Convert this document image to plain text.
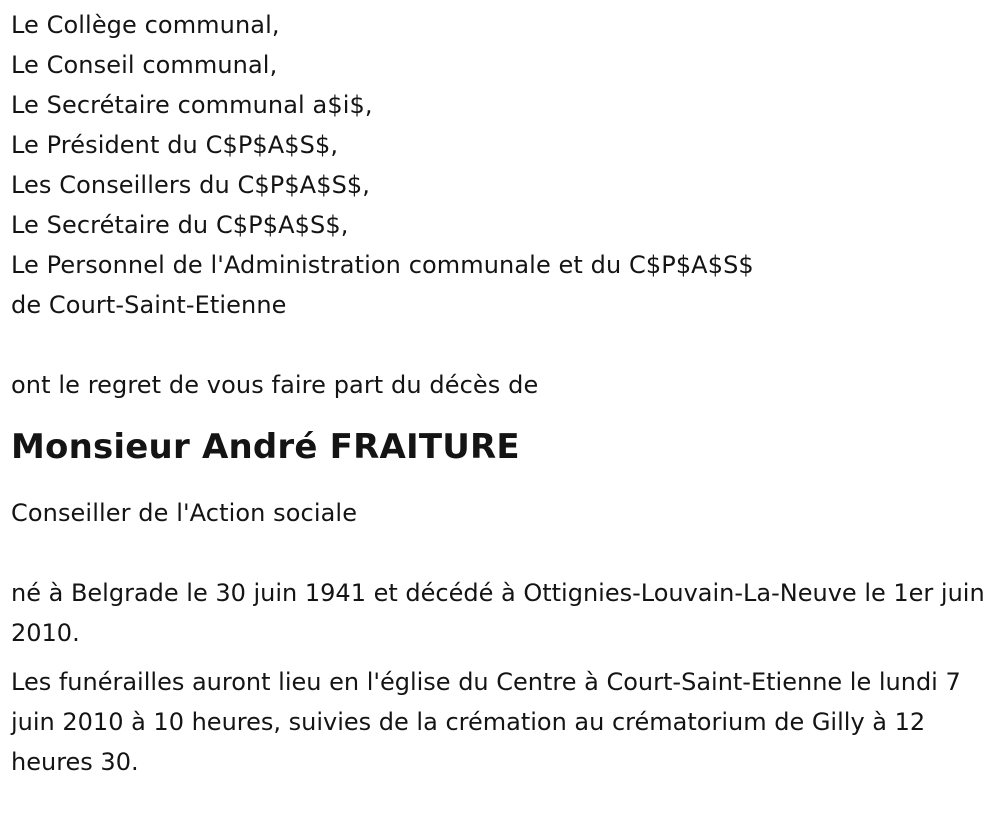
Le Collège communal,
Le Conseil communal,
Le Secrétaire communal a$i$,
Le Président du C$P$A$S$,
Les Conseillers du C$P$A$S$,
Le Secrétaire du C$P$A$S$,
Le Personnel de l'Administration communale et du C$P$A$S$
de Court-Saint-Etienne
ont le regret de vous faire part du décès de
Monsieur André FRAITURE
Conseiller de l'Action sociale

né à Belgrade le 30 juin 1941 et décédé à Ottignies-Louvain-La-Neuve le 1er juin 2010.

Les funérailles auront lieu en l'église du Centre à Court-Saint-Etienne le lundi 7 juin 2010 à 10 heures, suivies de la crémation au crématorium de Gilly à 12 heures 30.
